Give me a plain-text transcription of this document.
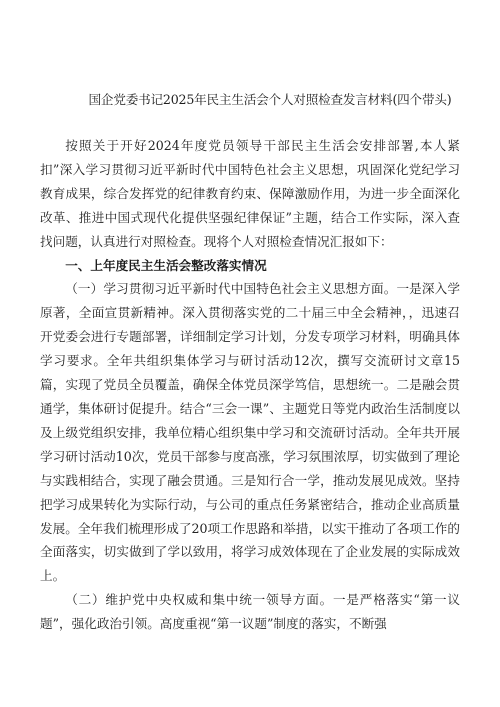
国企党委书记2025年民主生活会个人对照检查发言材料(四个带头)

按照关于开好2024年度党员领导干部民主生活会安排部署,本人紧扣”深入学习贯彻习近平新时代中国特色社会主义思想，巩固深化党纪学习教育成果，综合发挥党的纪律教育约束、保障激励作用，为进一步全面深化改革、推进中国式现代化提供坚强纪律保证”主题，结合工作实际，深入查找问题，认真进行对照检查。现将个人对照检查情况汇报如下：

一、上年度民主生活会整改落实情况

（一）学习贯彻习近平新时代中国特色社会主义思想方面。一是深入学原著，全面宣贯新精神。深入贯彻落实党的二十届三中全会精神，，迅速召开党委会进行专题部署，详细制定学习计划，分发专项学习材料，明确具体学习要求。全年共组织集体学习与研讨活动12次，撰写交流研讨文章15篇，实现了党员全员覆盖，确保全体党员深学笃信，思想统一。二是融会贯通学，集体研讨促提升。结合“三会一课”、主题党日等党内政治生活制度以及上级党组织安排，我单位精心组织集中学习和交流研讨活动。全年共开展学习研讨活动10次，党员干部参与度高涨，学习氛围浓厚，切实做到了理论与实践相结合，实现了融会贯通。三是知行合一学，推动发展见成效。坚持把学习成果转化为实际行动，与公司的重点任务紧密结合，推动企业高质量发展。全年我们梳理形成了20项工作思路和举措，以实干推动了各项工作的全面落实，切实做到了学以致用，将学习成效体现在了企业发展的实际成效上。

（二）维护党中央权威和集中统一领导方面。一是严格落实“第一议题”，强化政治引领。高度重视“第一议题”制度的落实，不断强
